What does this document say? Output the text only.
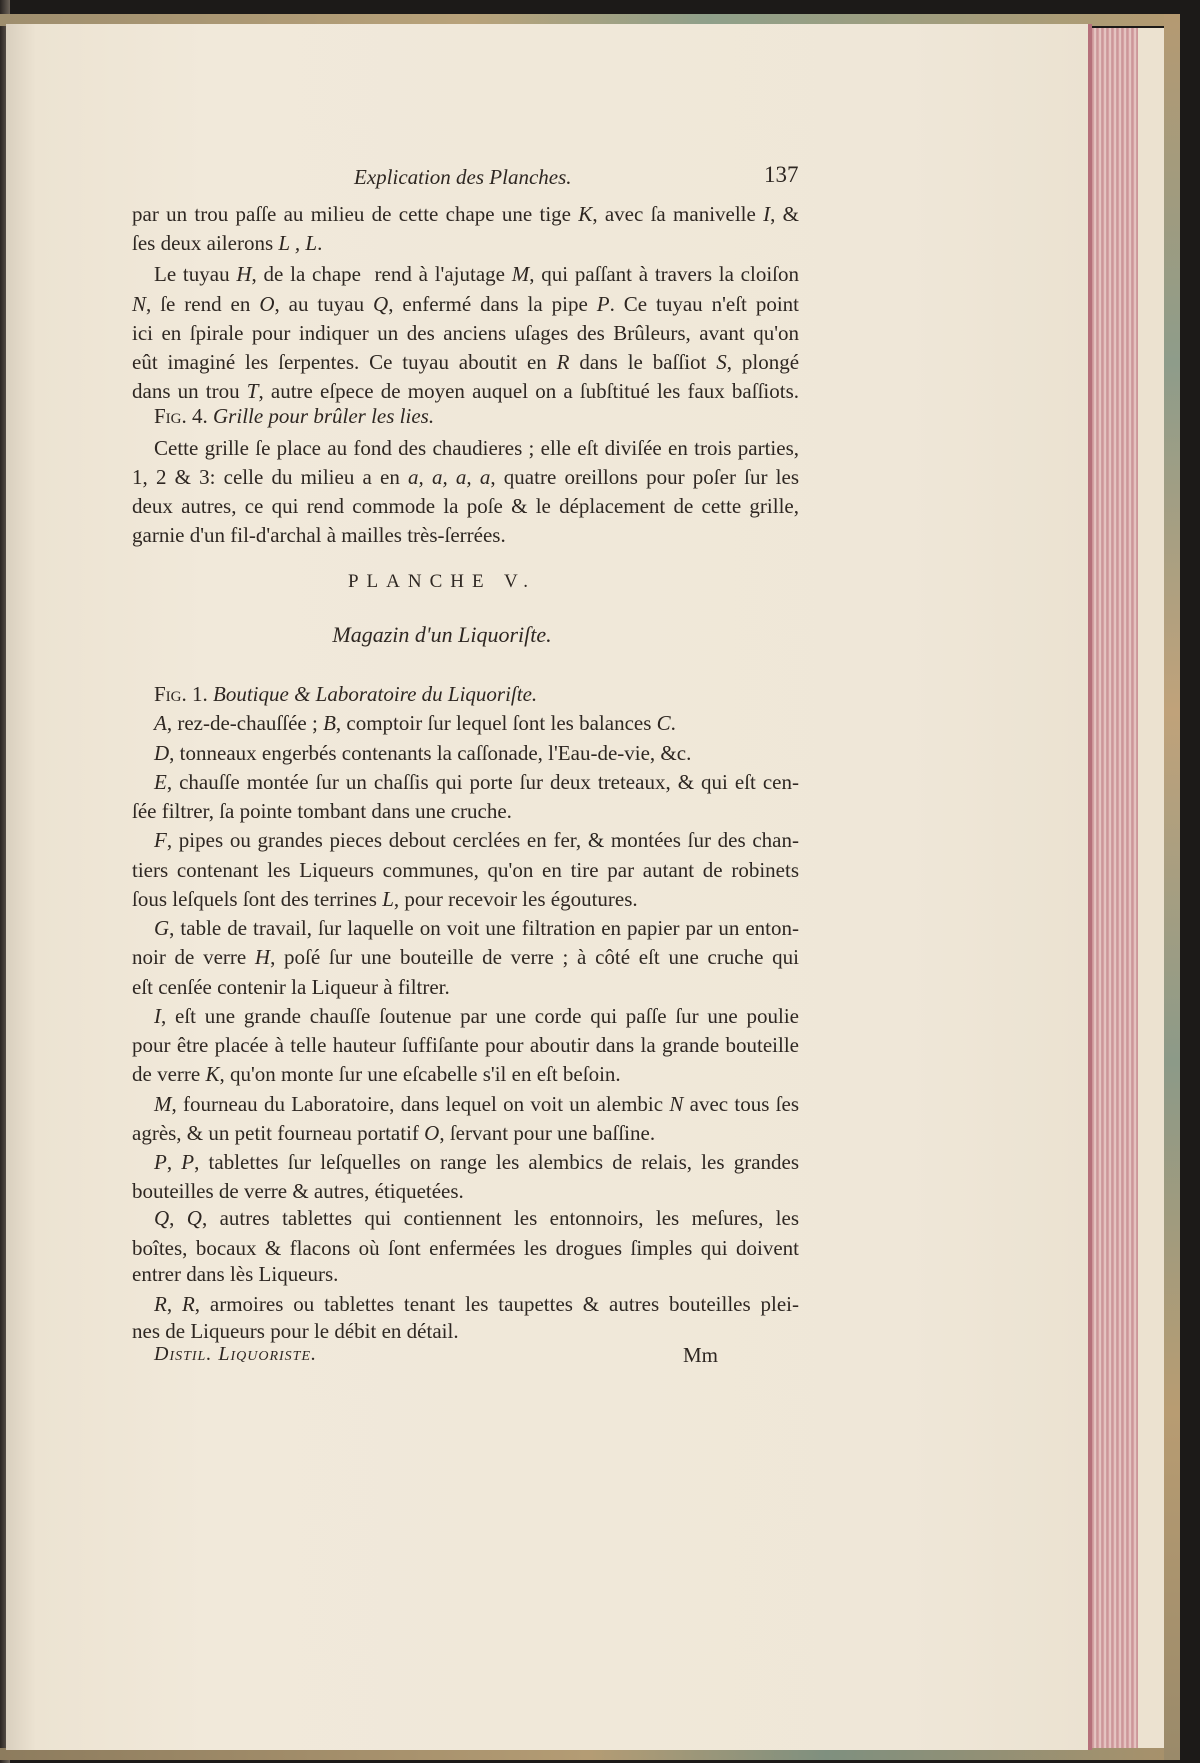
Explication des Planches.	137
par un trou paſſe au milieu de cette chape une tige K, avec ſa manivelle I, &
ſes deux ailerons L , L.
Le tuyau H, de la chape  rend à l'ajutage M, qui paſſant à travers la cloiſon
N, ſe rend en O, au tuyau Q, enfermé dans la pipe P. Ce tuyau n'eſt point
ici en ſpirale pour indiquer un des anciens uſages des Brûleurs, avant qu'on
eût imaginé les ſerpentes. Ce tuyau aboutit en R dans le baſſiot S, plongé
dans un trou T, autre eſpece de moyen auquel on a ſubſtitué les faux baſſiots.
Fig. 4. Grille pour brûler les lies.
Cette grille ſe place au fond des chaudieres ; elle eſt diviſée en trois parties,
1, 2 & 3: celle du milieu a en a, a, a, a, quatre oreillons pour poſer ſur les
deux autres, ce qui rend commode la poſe & le déplacement de cette grille,
garnie d'un fil-d'archal à mailles très-ſerrées.
PLANCHE V.
Magazin d'un Liquoriſte.
Fig. 1. Boutique & Laboratoire du Liquoriſte.
A, rez-de-chauſſée ; B, comptoir ſur lequel ſont les balances C.
D, tonneaux engerbés contenants la caſſonade, l'Eau-de-vie, &c.
E, chauſſe montée ſur un chaſſis qui porte ſur deux treteaux, & qui eſt cen-
ſée filtrer, ſa pointe tombant dans une cruche.
F, pipes ou grandes pieces debout cerclées en fer, & montées ſur des chan-
tiers contenant les Liqueurs communes, qu'on en tire par autant de robinets
ſous leſquels ſont des terrines L, pour recevoir les égoutures.
G, table de travail, ſur laquelle on voit une filtration en papier par un enton-
noir de verre H, poſé ſur une bouteille de verre ; à côté eſt une cruche qui
eſt cenſée contenir la Liqueur à filtrer.
I, eſt une grande chauſſe ſoutenue par une corde qui paſſe ſur une poulie
pour être placée à telle hauteur ſuffiſante pour aboutir dans la grande bouteille
de verre K, qu'on monte ſur une eſcabelle s'il en eſt beſoin.
M, fourneau du Laboratoire, dans lequel on voit un alembic N avec tous ſes
agrès, & un petit fourneau portatif O, ſervant pour une baſſine.
P, P, tablettes ſur leſquelles on range les alembics de relais, les grandes
bouteilles de verre & autres, étiquetées.
Q, Q, autres tablettes qui contiennent les entonnoirs, les meſures, les
boîtes, bocaux & flacons où ſont enfermées les drogues ſimples qui doivent
entrer dans lès Liqueurs.
R, R, armoires ou tablettes tenant les taupettes & autres bouteilles plei-
nes de Liqueurs pour le débit en détail.
Distil. Liquoriste.	Mm
